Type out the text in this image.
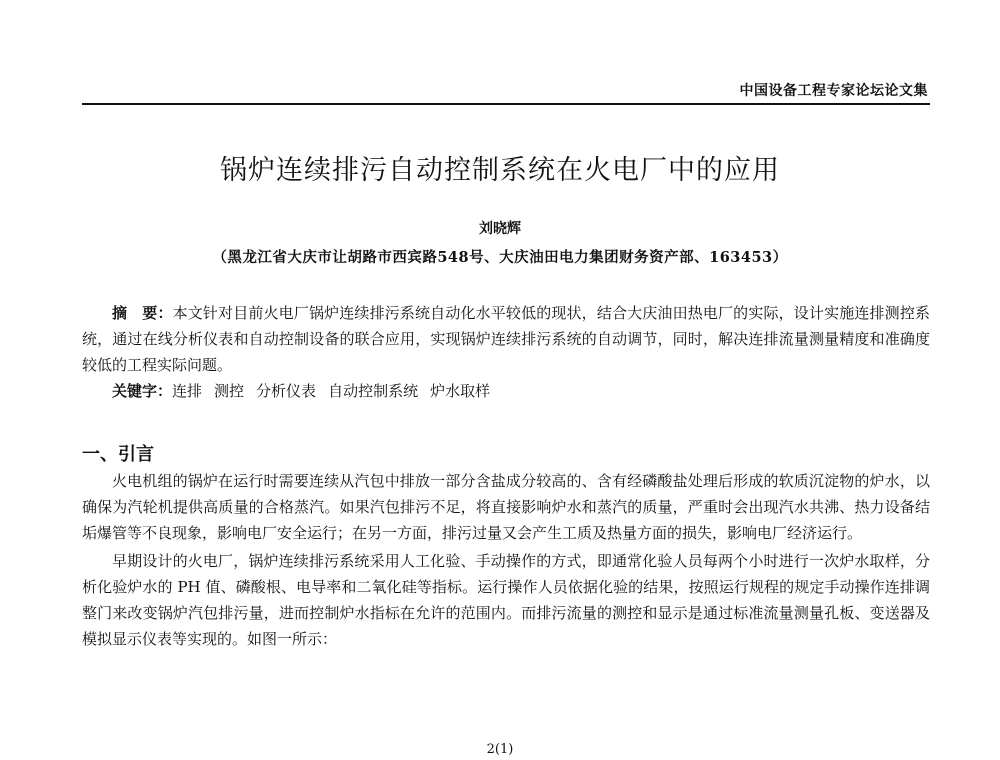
中国设备工程专家论坛论文集
锅炉连续排污自动控制系统在火电厂中的应用
刘晓辉
（黑龙江省大庆市让胡路市西宾路548号、大庆油田电力集团财务资产部、163453）

摘　要：本文针对目前火电厂锅炉连续排污系统自动化水平较低的现状，结合大庆油田热电厂的实际，设计实施连排测控系统，通过在线分析仪表和自动控制设备的联合应用，实现锅炉连续排污系统的自动调节，同时，解决连排流量测量精度和准确度较低的工程实际问题。

关键字：连排 测控 分析仪表 自动控制系统 炉水取样

一、引言

火电机组的锅炉在运行时需要连续从汽包中排放一部分含盐成分较高的、含有经磷酸盐处理后形成的软质沉淀物的炉水，以确保为汽轮机提供高质量的合格蒸汽。如果汽包排污不足，将直接影响炉水和蒸汽的质量，严重时会出现汽水共沸、热力设备结垢爆管等不良现象，影响电厂安全运行；在另一方面，排污过量又会产生工质及热量方面的损失，影响电厂经济运行。

早期设计的火电厂，锅炉连续排污系统采用人工化验、手动操作的方式，即通常化验人员每两个小时进行一次炉水取样，分析化验炉水的 PH 值、磷酸根、电导率和二氧化硅等指标。运行操作人员依据化验的结果，按照运行规程的规定手动操作连排调整门来改变锅炉汽包排污量，进而控制炉水指标在允许的范围内。而排污流量的测控和显示是通过标准流量测量孔板、变送器及模拟显示仪表等实现的。如图一所示：

2(1)
